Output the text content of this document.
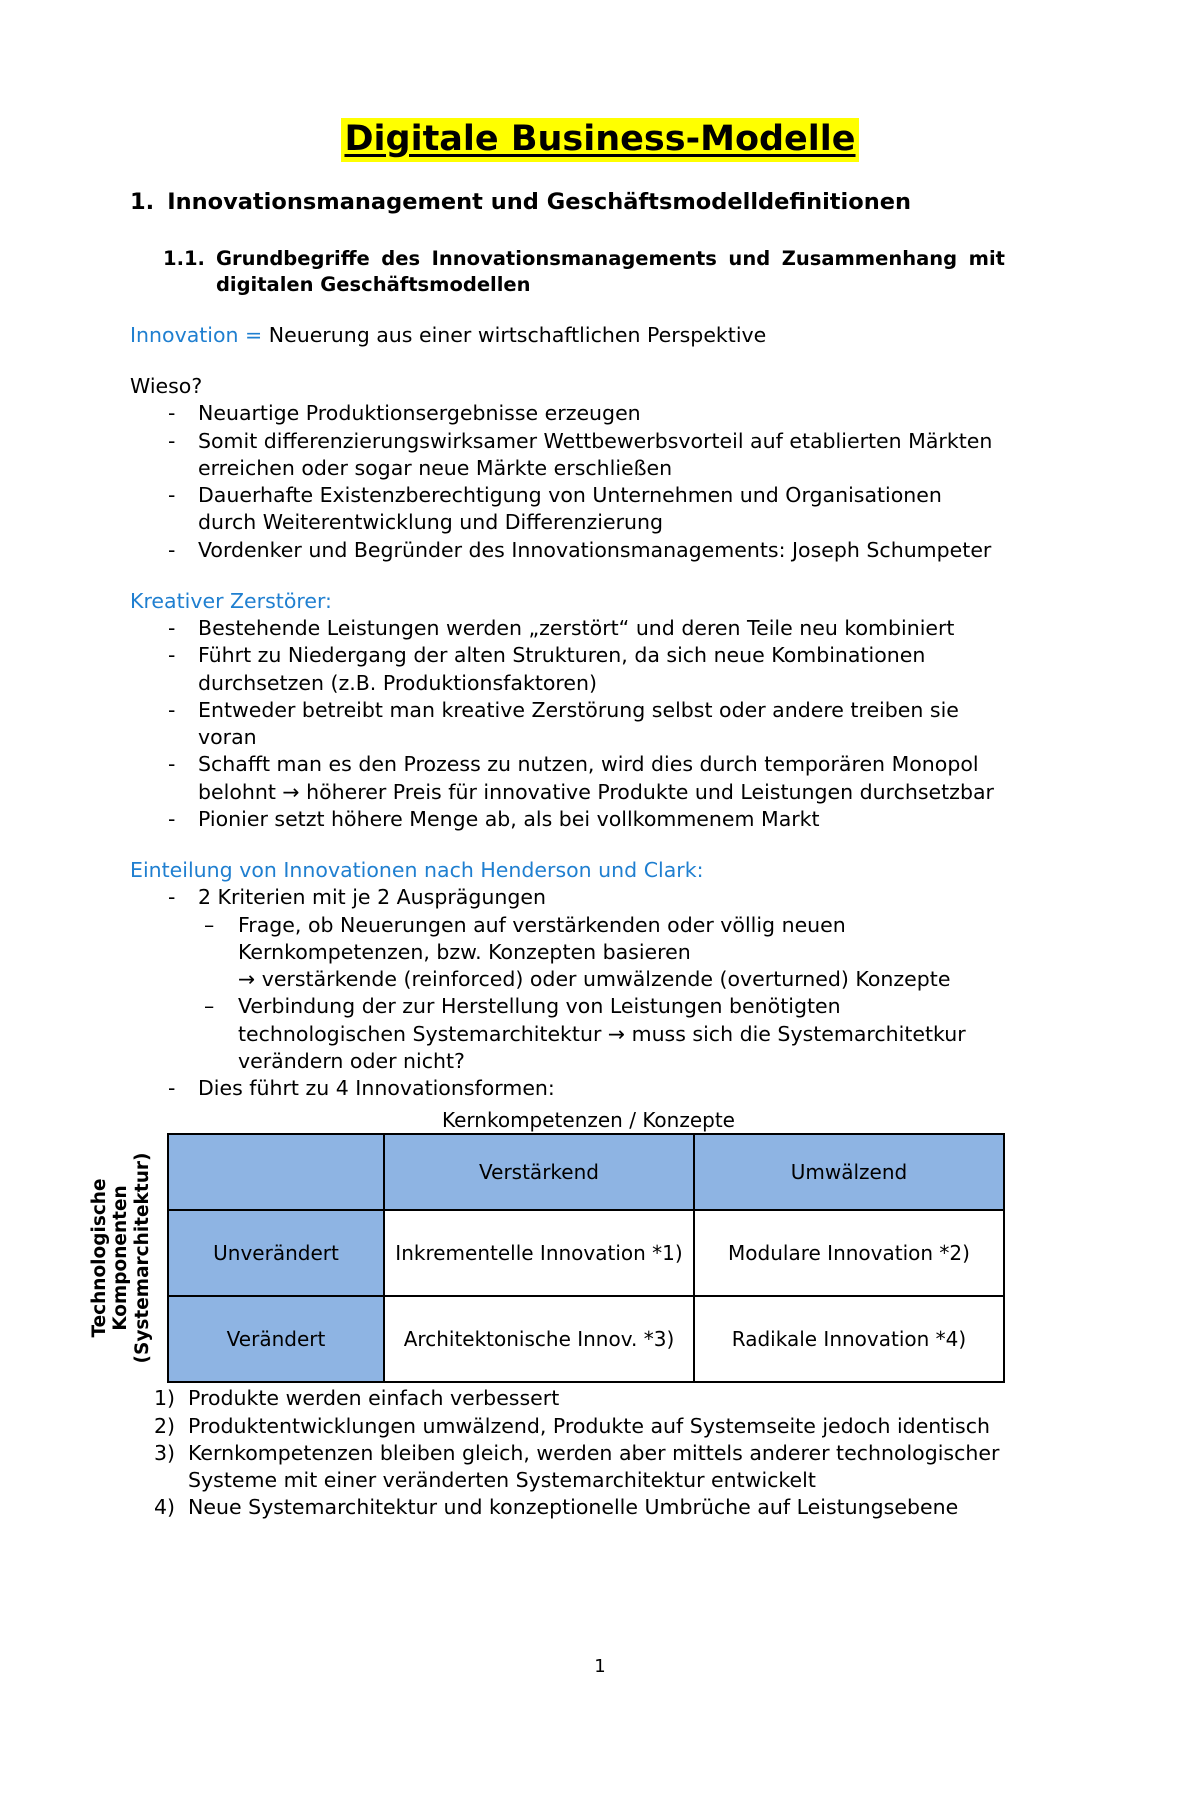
Digitale Business-Modelle
1. Innovationsmanagement und Geschäftsmodelldefinitionen
1.1. Grundbegriffe des Innovationsmanagements und Zusammenhang mit digitalen Geschäftsmodellen
Innovation = Neuerung aus einer wirtschaftlichen Perspektive
Wieso?
- Neuartige Produktionsergebnisse erzeugen
- Somit differenzierungswirksamer Wettbewerbsvorteil auf etablierten Märkten erreichen oder sogar neue Märkte erschließen
- Dauerhafte Existenzberechtigung von Unternehmen und Organisationen durch Weiterentwicklung und Differenzierung
- Vordenker und Begründer des Innovationsmanagements: Joseph Schumpeter
Kreativer Zerstörer:
- Bestehende Leistungen werden „zerstört“ und deren Teile neu kombiniert
- Führt zu Niedergang der alten Strukturen, da sich neue Kombinationen durchsetzen (z.B. Produktionsfaktoren)
- Entweder betreibt man kreative Zerstörung selbst oder andere treiben sie voran
- Schafft man es den Prozess zu nutzen, wird dies durch temporären Monopol belohnt → höherer Preis für innovative Produkte und Leistungen durchsetzbar
- Pionier setzt höhere Menge ab, als bei vollkommenem Markt
Einteilung von Innovationen nach Henderson und Clark:
- 2 Kriterien mit je 2 Ausprägungen
– Frage, ob Neuerungen auf verstärkenden oder völlig neuen Kernkompetenzen, bzw. Konzepten basieren
→ verstärkende (reinforced) oder umwälzende (overturned) Konzepte
– Verbindung der zur Herstellung von Leistungen benötigten technologischen Systemarchitektur → muss sich die Systemarchitetkur verändern oder nicht?
- Dies führt zu 4 Innovationsformen:
Kernkompetenzen / Konzepte
Technologische Komponenten (Systemarchitektur)
		Verstärkend	Umwälzend
Unverändert	Inkrementelle Innovation *1)	Modulare Innovation *2)
Verändert	Architektonische Innov. *3)	Radikale Innovation *4)
1) Produkte werden einfach verbessert
2) Produktentwicklungen umwälzend, Produkte auf Systemseite jedoch identisch
3) Kernkompetenzen bleiben gleich, werden aber mittels anderer technologischer Systeme mit einer veränderten Systemarchitektur entwickelt
4) Neue Systemarchitektur und konzeptionelle Umbrüche auf Leistungsebene
1
